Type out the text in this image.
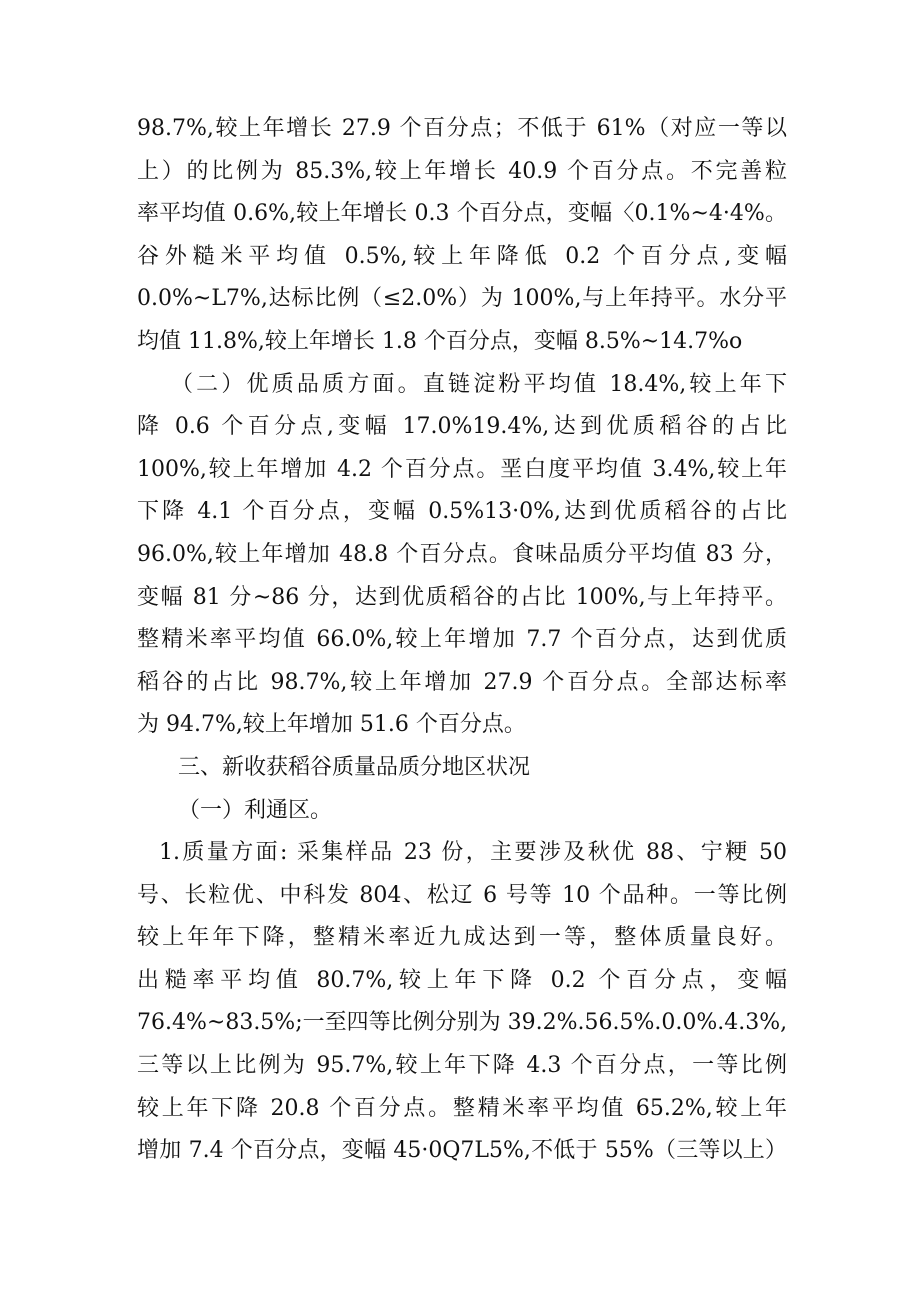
98.7%,较上年增长 27.9 个百分点；不低于 61%（对应一等以
上）的比例为 85.3%,较上年增长 40.9 个百分点。不完善粒
率平均值 0.6%,较上年增长 0.3 个百分点，变幅〈0.1%~4·4%。
谷外糙米平均值 0.5%,较上年降低 0.2 个百分点,变幅
0.0%~L7%,达标比例（≤2.0%）为 100%,与上年持平。水分平
均值 11.8%,较上年增长 1.8 个百分点，变幅 8.5%~14.7%o
（二）优质品质方面。直链淀粉平均值 18.4%,较上年下
降 0.6 个百分点,变幅 17.0%19.4%,达到优质稻谷的占比
100%,较上年增加 4.2 个百分点。垩白度平均值 3.4%,较上年
下降 4.1 个百分点，变幅 0.5%13·0%,达到优质稻谷的占比
96.0%,较上年增加 48.8 个百分点。食味品质分平均值 83 分，
变幅 81 分~86 分，达到优质稻谷的占比 100%,与上年持平。
整精米率平均值 66.0%,较上年增加 7.7 个百分点，达到优质
稻谷的占比 98.7%,较上年增加 27.9 个百分点。全部达标率
为 94.7%,较上年增加 51.6 个百分点。
三、新收获稻谷质量品质分地区状况
（一）利通区。
1.质量方面: 采集样品 23 份，主要涉及秋优 88、宁粳 50
号、长粒优、中科发 804、松辽 6 号等 10 个品种。一等比例
较上年年下降，整精米率近九成达到一等，整体质量良好。
出糙率平均值 80.7%,较上年下降 0.2 个百分点，变幅
76.4%~83.5%;一至四等比例分别为 39.2%.56.5%.0.0%.4.3%,
三等以上比例为 95.7%,较上年下降 4.3 个百分点，一等比例
较上年下降 20.8 个百分点。整精米率平均值 65.2%,较上年
增加 7.4 个百分点，变幅 45·0Q7L5%,不低于 55%（三等以上）
